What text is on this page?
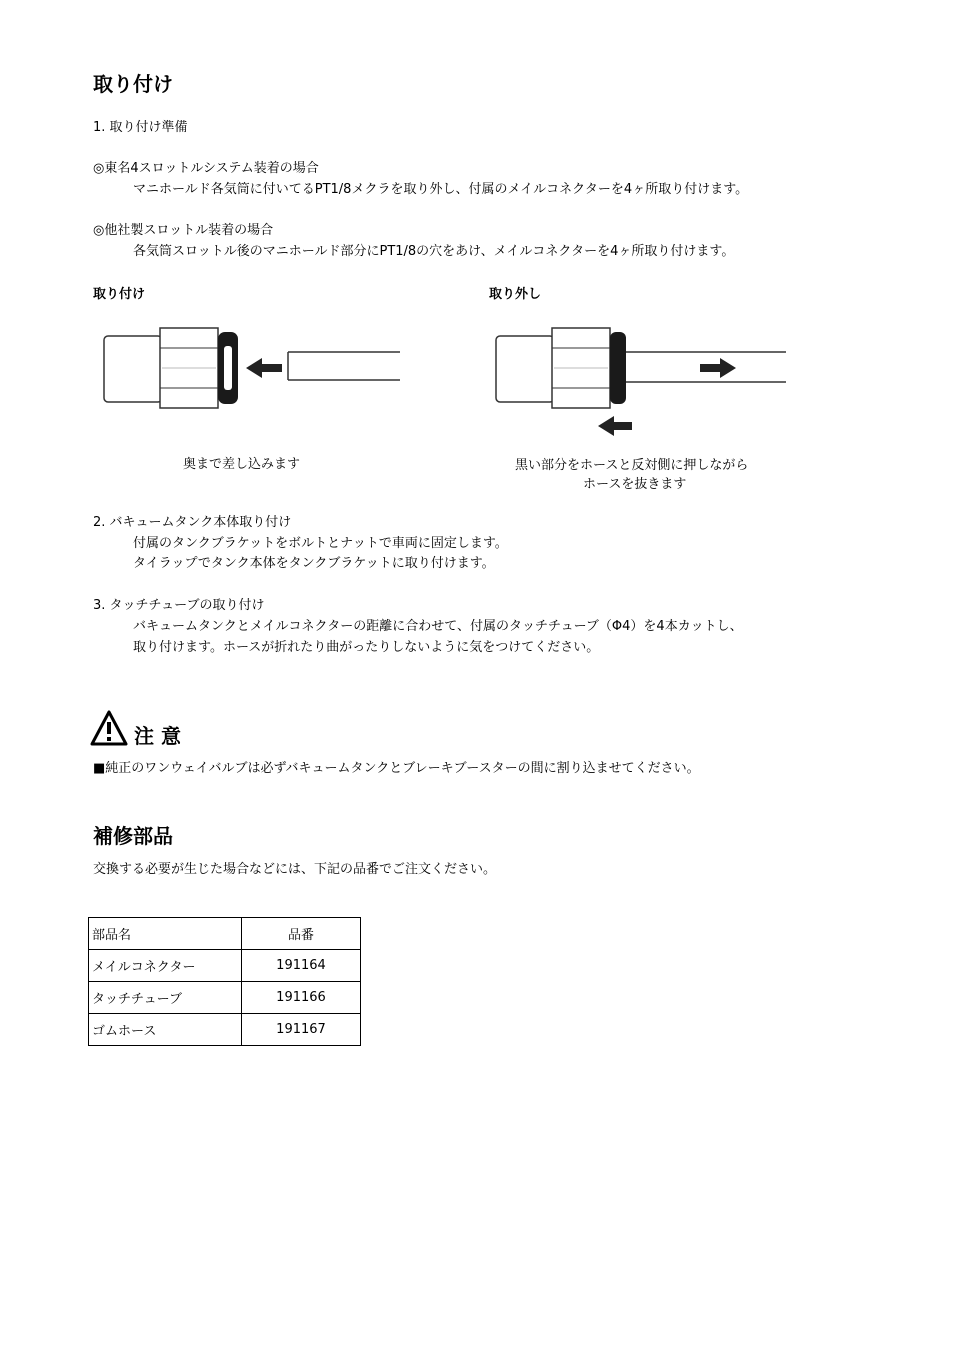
取り付け
1. 取り付け準備
◎東名4スロットルシステム装着の場合
マニホールド各気筒に付いてるPT1/8メクラを取り外し、付属のメイルコネクターを4ヶ所取り付けます。
◎他社製スロットル装着の場合
各気筒スロットル後のマニホールド部分にPT1/8の穴をあけ、メイルコネクターを4ヶ所取り付けます。
取り付け	取り外し
奥まで差し込みます	黒い部分をホースと反対側に押しながら
ホースを抜きます
2. バキュームタンク本体取り付け
付属のタンクブラケットをボルトとナットで車両に固定します。
タイラップでタンク本体をタンクブラケットに取り付けます。
3. タッチチューブの取り付け
バキュームタンクとメイルコネクターの距離に合わせて、付属のタッチチューブ（Φ4）を4本カットし、
取り付けます。ホースが折れたり曲がったりしないように気をつけてください。
注 意
■純正のワンウェイバルブは必ずバキュームタンクとブレーキブースターの間に割り込ませてください。
補修部品
交換する必要が生じた場合などには、下記の品番でご注文ください。
部品名	品番
メイルコネクター	191164
タッチチューブ	191166
ゴムホース	191167
